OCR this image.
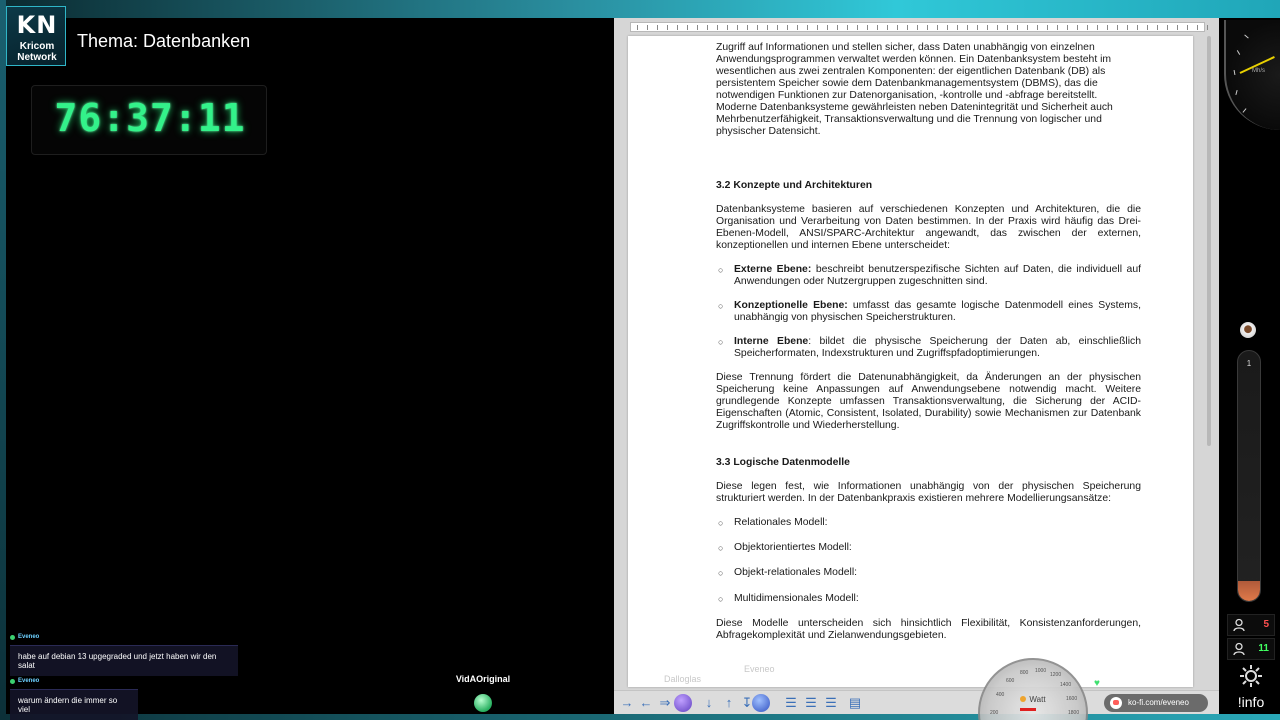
KN
Kricom
Network
Thema: Datenbanken
76:37:11
Eveneo
habe auf debian 13 upgegraded und jetzt haben wir den salat
Eveneo
warum ändern die immer so viel
VidAOriginal
Zugriff auf Informationen und stellen sicher, dass Daten unabhängig von einzelnen
Anwendungsprogrammen verwaltet werden können. Ein Datenbanksystem besteht im
wesentlichen aus zwei zentralen Komponenten: der eigentlichen Datenbank (DB) als
persistentem Speicher sowie dem Datenbankmanagementsystem (DBMS), das die
notwendigen Funktionen zur Datenorganisation, -kontrolle und -abfrage bereitstellt.
Moderne Datenbanksysteme gewährleisten neben Datenintegrität und Sicherheit auch
Mehrbenutzerfähigkeit, Transaktionsverwaltung und die Trennung von logischer und
physischer Datensicht.
3.2 Konzepte und Architekturen
Datenbanksysteme basieren auf verschiedenen Konzepten und Architekturen, die die Organisation und Verarbeitung von Daten bestimmen. In der Praxis wird häufig das Drei-Ebenen-Modell, ANSI/SPARC-Architektur angewandt, das zwischen der externen, konzeptionellen und internen Ebene unterscheidet:
○ Externe Ebene: beschreibt benutzerspezifische Sichten auf Daten, die individuell auf Anwendungen oder Nutzergruppen zugeschnitten sind.
○ Konzeptionelle Ebene: umfasst das gesamte logische Datenmodell eines Systems, unabhängig von physischen Speicherstrukturen.
○ Interne Ebene: bildet die physische Speicherung der Daten ab, einschließlich Speicherformaten, Indexstrukturen und Zugriffspfadoptimierungen.
Diese Trennung fördert die Datenunabhängigkeit, da Änderungen an der physischen Speicherung keine Anpassungen auf Anwendungsebene notwendig macht. Weitere grundlegende Konzepte umfassen Transaktionsverwaltung, die Sicherung der ACID-Eigenschaften (Atomic, Consistent, Isolated, Durability) sowie Mechanismen zur Datenbank Zugriffskontrolle und Wiederherstellung.
3.3 Logische Datenmodelle
Diese legen fest, wie Informationen unabhängig von der physischen Speicherung strukturiert werden. In der Datenbankpraxis existieren mehrere Modellierungsansätze:
○ Relationales Modell:
○ Objektorientiertes Modell:
○ Objekt-relationales Modell:
○ Multidimensionales Modell:
Diese Modelle unterscheiden sich hinsichtlich Flexibilität, Konsistenzanforderungen, Abfragekomplexität und Zielanwendungsgebieten.
→ ← ⇒	↓	↑ ↧	☰ ☰ ☰ ▤
Dalloglas
Eveneo
200
400
600
800 1000
1200
1400
1600
1800
Watt
♥
ko-fi.com/eveneo
Mh/s
1
5
11
!info
